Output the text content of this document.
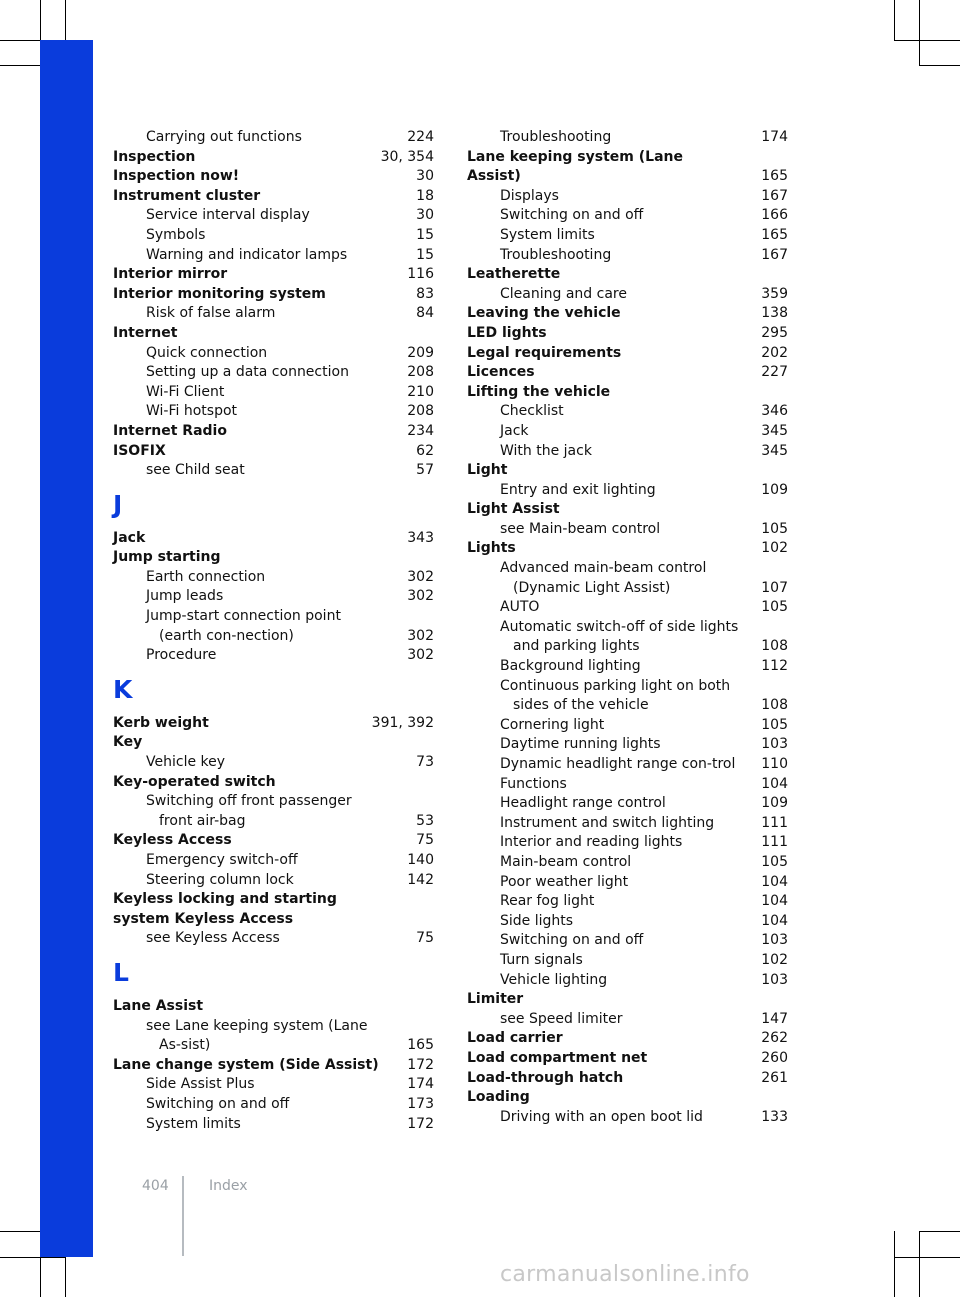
Carrying out functions	224
Inspection	30, 354
Inspection now!	30
Instrument cluster	18
Service interval display	30
Symbols	15
Warning and indicator lamps	15
Interior mirror	116
Interior monitoring system	83
Risk of false alarm	84
Internet
Quick connection	209
Setting up a data connection	208
Wi-Fi Client	210
Wi-Fi hotspot	208
Internet Radio	234
ISOFIX	62
see Child seat	57
J
Jack	343
Jump starting
Earth connection	302
Jump leads	302
Jump-start connection point (earth con-nection)	302
Procedure	302
K
Kerb weight	391, 392
Key
Vehicle key	73
Key-operated switch
Switching off front passenger front air-bag	53
Keyless Access	75
Emergency switch-off	140
Steering column lock	142
Keyless locking and starting system Keyless Access
see Keyless Access	75
L
Lane Assist
see Lane keeping system (Lane As-sist)	165
Lane change system (Side Assist)	172
Side Assist Plus	174
Switching on and off	173
System limits	172
Troubleshooting	174
Lane keeping system (Lane Assist)	165
Displays	167
Switching on and off	166
System limits	165
Troubleshooting	167
Leatherette
Cleaning and care	359
Leaving the vehicle	138
LED lights	295
Legal requirements	202
Licences	227
Lifting the vehicle
Checklist	346
Jack	345
With the jack	345
Light
Entry and exit lighting	109
Light Assist
see Main-beam control	105
Lights	102
Advanced main-beam control (Dynamic Light Assist)	107
AUTO	105
Automatic switch-off of side lights and parking lights	108
Background lighting	112
Continuous parking light on both sides of the vehicle	108
Cornering light	105
Daytime running lights	103
Dynamic headlight range con-trol	110
Functions	104
Headlight range control	109
Instrument and switch lighting	111
Interior and reading lights	111
Main-beam control	105
Poor weather light	104
Rear fog light	104
Side lights	104
Switching on and off	103
Turn signals	102
Vehicle lighting	103
Limiter
see Speed limiter	147
Load carrier	262
Load compartment net	260
Load-through hatch	261
Loading
Driving with an open boot lid	133
404	Index
carmanualsonline.info
